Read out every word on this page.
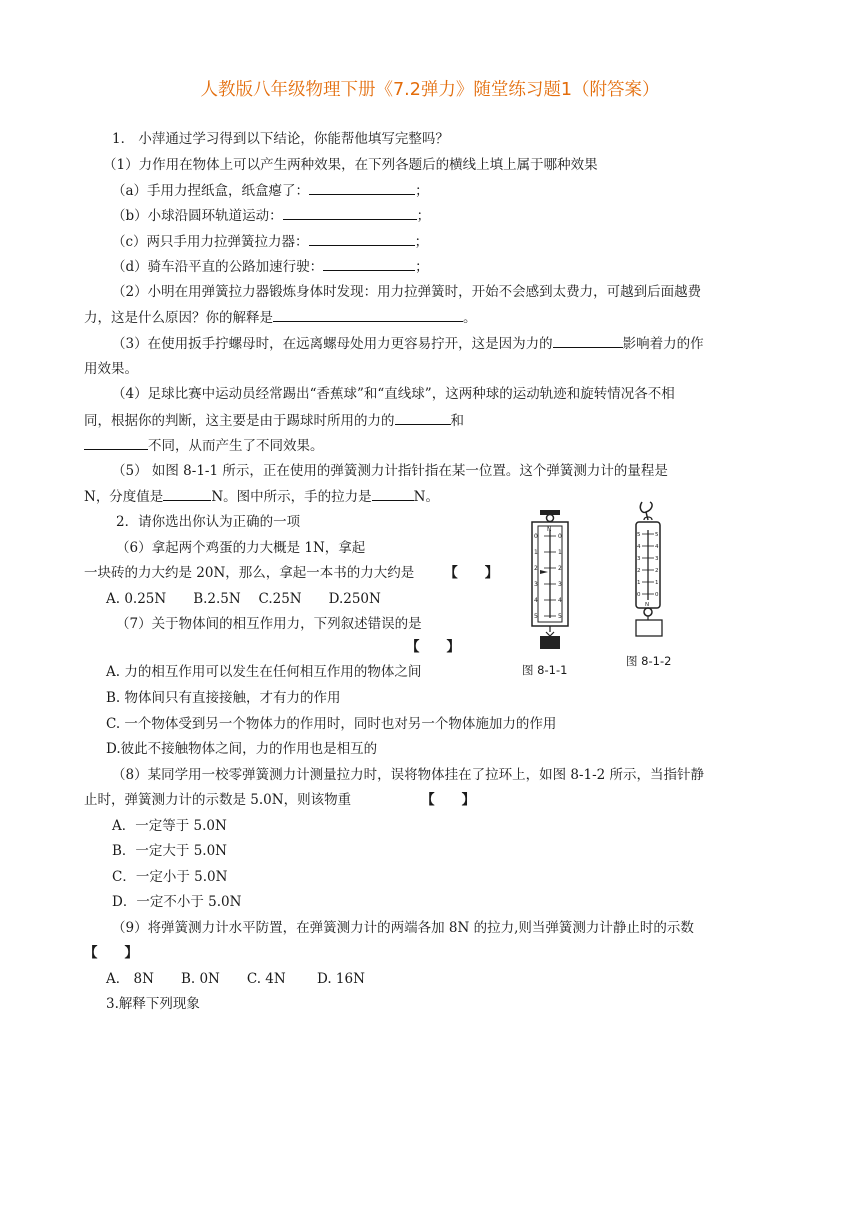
人教版八年级物理下册《7.2弹力》随堂练习题1（附答案）
1． 小萍通过学习得到以下结论，你能帮他填写完整吗？
（1）力作用在物体上可以产生两种效果，在下列各题后的横线上填上属于哪种效果
（a）手用力捏纸盒，纸盒瘪了：	；
（b）小球沿圆环轨道运动：	；
（c）两只手用力拉弹簧拉力器：	；
（d）骑车沿平直的公路加速行驶：	；
（2）小明在用弹簧拉力器锻炼身体时发现：用力拉弹簧时，开始不会感到太费力，可越到后面越费
力，这是什么原因？你的解释是	。
（3）在使用扳手拧螺母时，在远离螺母处用力更容易拧开，这是因为力的	影响着力的作
用效果。
（4）足球比赛中运动员经常踢出“香蕉球”和“直线球”，这两种球的运动轨迹和旋转情况各不相
同，根据你的判断，这主要是由于踢球时所用的力的	和
不同，从而产生了不同效果。
（5） 如图 8-1-1 所示，正在使用的弹簧测力计指针指在某一位置。这个弹簧测力计的量程是
N，分度值是	N。图中所示，手的拉力是	N。
2．请你选出你认为正确的一项
（6）拿起两个鸡蛋的力大概是 1N，拿起
一块砖的力大约是 20N，那么，拿起一本书的力大约是 【　　】
A. 0.25N　　B.2.5N　 C.25N　　D.250N
（7）关于物体间的相互作用力，下列叙述错误的是
【　　】
A. 力的相互作用可以发生在任何相互作用的物体之间
B. 物体间只有直接接触，才有力的作用
C. 一个物体受到另一个物体力的作用时，同时也对另一个物体施加力的作用
D.彼此不接触物体之间，力的作用也是相互的
（8）某同学用一校零弹簧测力计测量拉力时，误将物体挂在了拉环上，如图 8-1-2 所示，当指针静
止时，弹簧测力计的示数是 5.0N，则该物重	【　　】
A．一定等于 5.0N
B．一定大于 5.0N
C．一定小于 5.0N
D．一定不小于 5.0N
（9）将弹簧测力计水平防置，在弹簧测力计的两端各加 8N 的拉力,则当弹簧测力计静止时的示数
【　　】
A． 8N　　B. 0N　　C. 4N　　 D. 16N
3.解释下列现象
0
1
2
3
4
5
0
1
2
3
4
5
N
图 8-1-1
5
4
3
2
1
0
5
4
3
2
1
0
N
图 8-1-2
